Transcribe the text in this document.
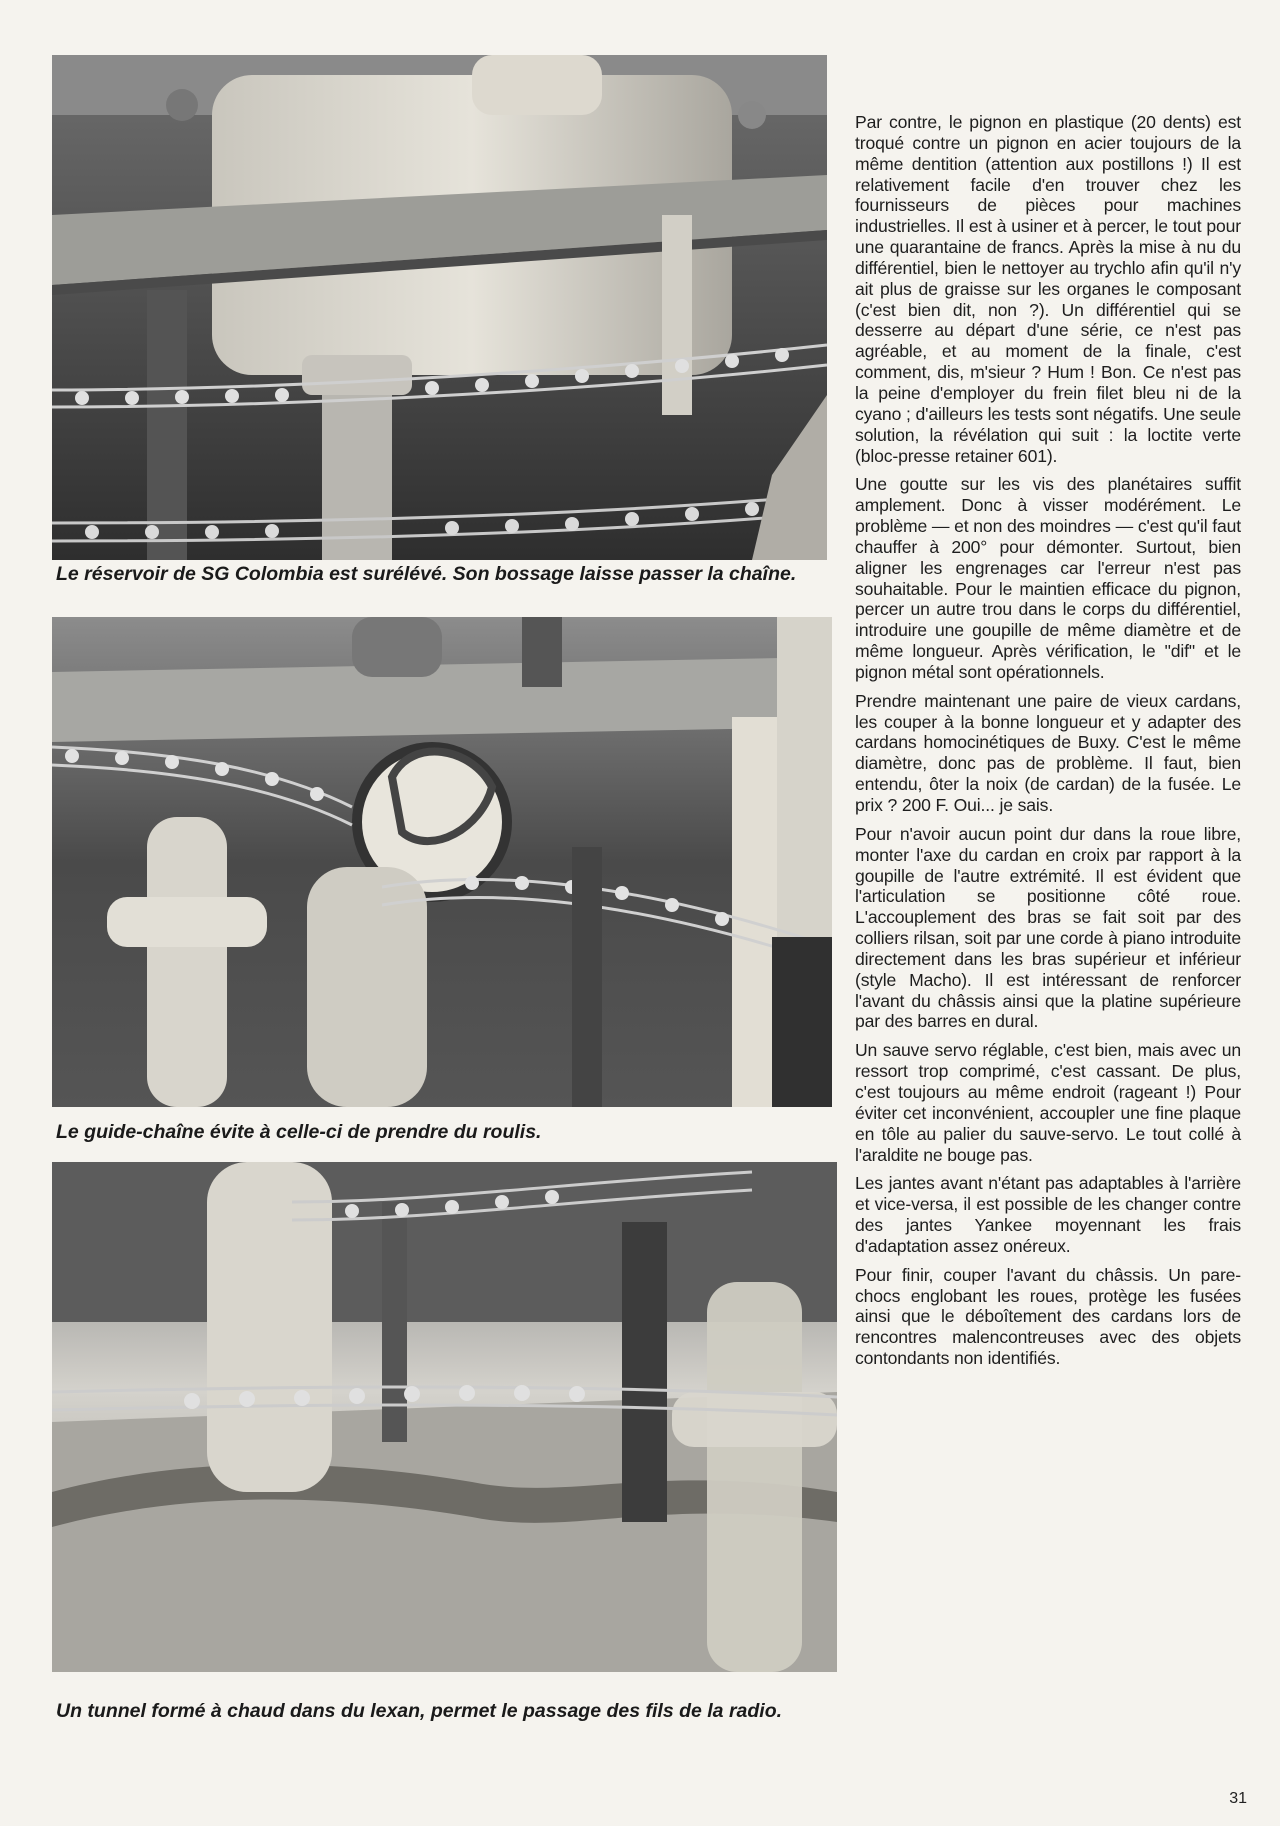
Le réservoir de SG Colombia est surélévé. Son bossage laisse passer la chaîne.
Le guide-chaîne évite à celle-ci de prendre du roulis.
Un tunnel formé à chaud dans du lexan, permet le passage des fils de la radio.

Par contre, le pignon en plastique (20 dents) est troqué contre un pignon en acier toujours de la même dentition (attention aux postillons !) Il est relativement facile d'en trouver chez les fournisseurs de pièces pour machines industrielles. Il est à usiner et à percer, le tout pour une quarantaine de francs. Après la mise à nu du différentiel, bien le nettoyer au trychlo afin qu'il n'y ait plus de graisse sur les organes le composant (c'est bien dit, non ?). Un différentiel qui se desserre au départ d'une série, ce n'est pas agréable, et au moment de la finale, c'est comment, dis, m'sieur ? Hum ! Bon. Ce n'est pas la peine d'employer du frein filet bleu ni de la cyano ; d'ailleurs les tests sont négatifs. Une seule solution, la révélation qui suit : la loctite verte (bloc-presse retainer 601).

Une goutte sur les vis des planétaires suffit amplement. Donc à visser modérément. Le problème — et non des moindres — c'est qu'il faut chauffer à 200° pour démonter. Surtout, bien aligner les engrenages car l'erreur n'est pas souhaitable. Pour le maintien efficace du pignon, percer un autre trou dans le corps du différentiel, introduire une goupille de même diamètre et de même longueur. Après vérification, le "dif" et le pignon métal sont opérationnels.

Prendre maintenant une paire de vieux cardans, les couper à la bonne longueur et y adapter des cardans homocinétiques de Buxy. C'est le même diamètre, donc pas de problème. Il faut, bien entendu, ôter la noix (de cardan) de la fusée. Le prix ? 200 F. Oui... je sais.

Pour n'avoir aucun point dur dans la roue libre, monter l'axe du cardan en croix par rapport à la goupille de l'autre extrémité. Il est évident que l'articulation se positionne côté roue. L'accouplement des bras se fait soit par des colliers rilsan, soit par une corde à piano introduite directement dans les bras supérieur et inférieur (style Macho). Il est intéressant de renforcer l'avant du châssis ainsi que la platine supérieure par des barres en dural.

Un sauve servo réglable, c'est bien, mais avec un ressort trop comprimé, c'est cassant. De plus, c'est toujours au même endroit (rageant !) Pour éviter cet inconvénient, accoupler une fine plaque en tôle au palier du sauve-servo. Le tout collé à l'araldite ne bouge pas.

Les jantes avant n'étant pas adaptables à l'arrière et vice-versa, il est possible de les changer contre des jantes Yankee moyennant les frais d'adaptation assez onéreux.

Pour finir, couper l'avant du châssis. Un pare-chocs englobant les roues, protège les fusées ainsi que le déboîtement des cardans lors de rencontres malencontreuses avec des objets contondants non identifiés.

31
